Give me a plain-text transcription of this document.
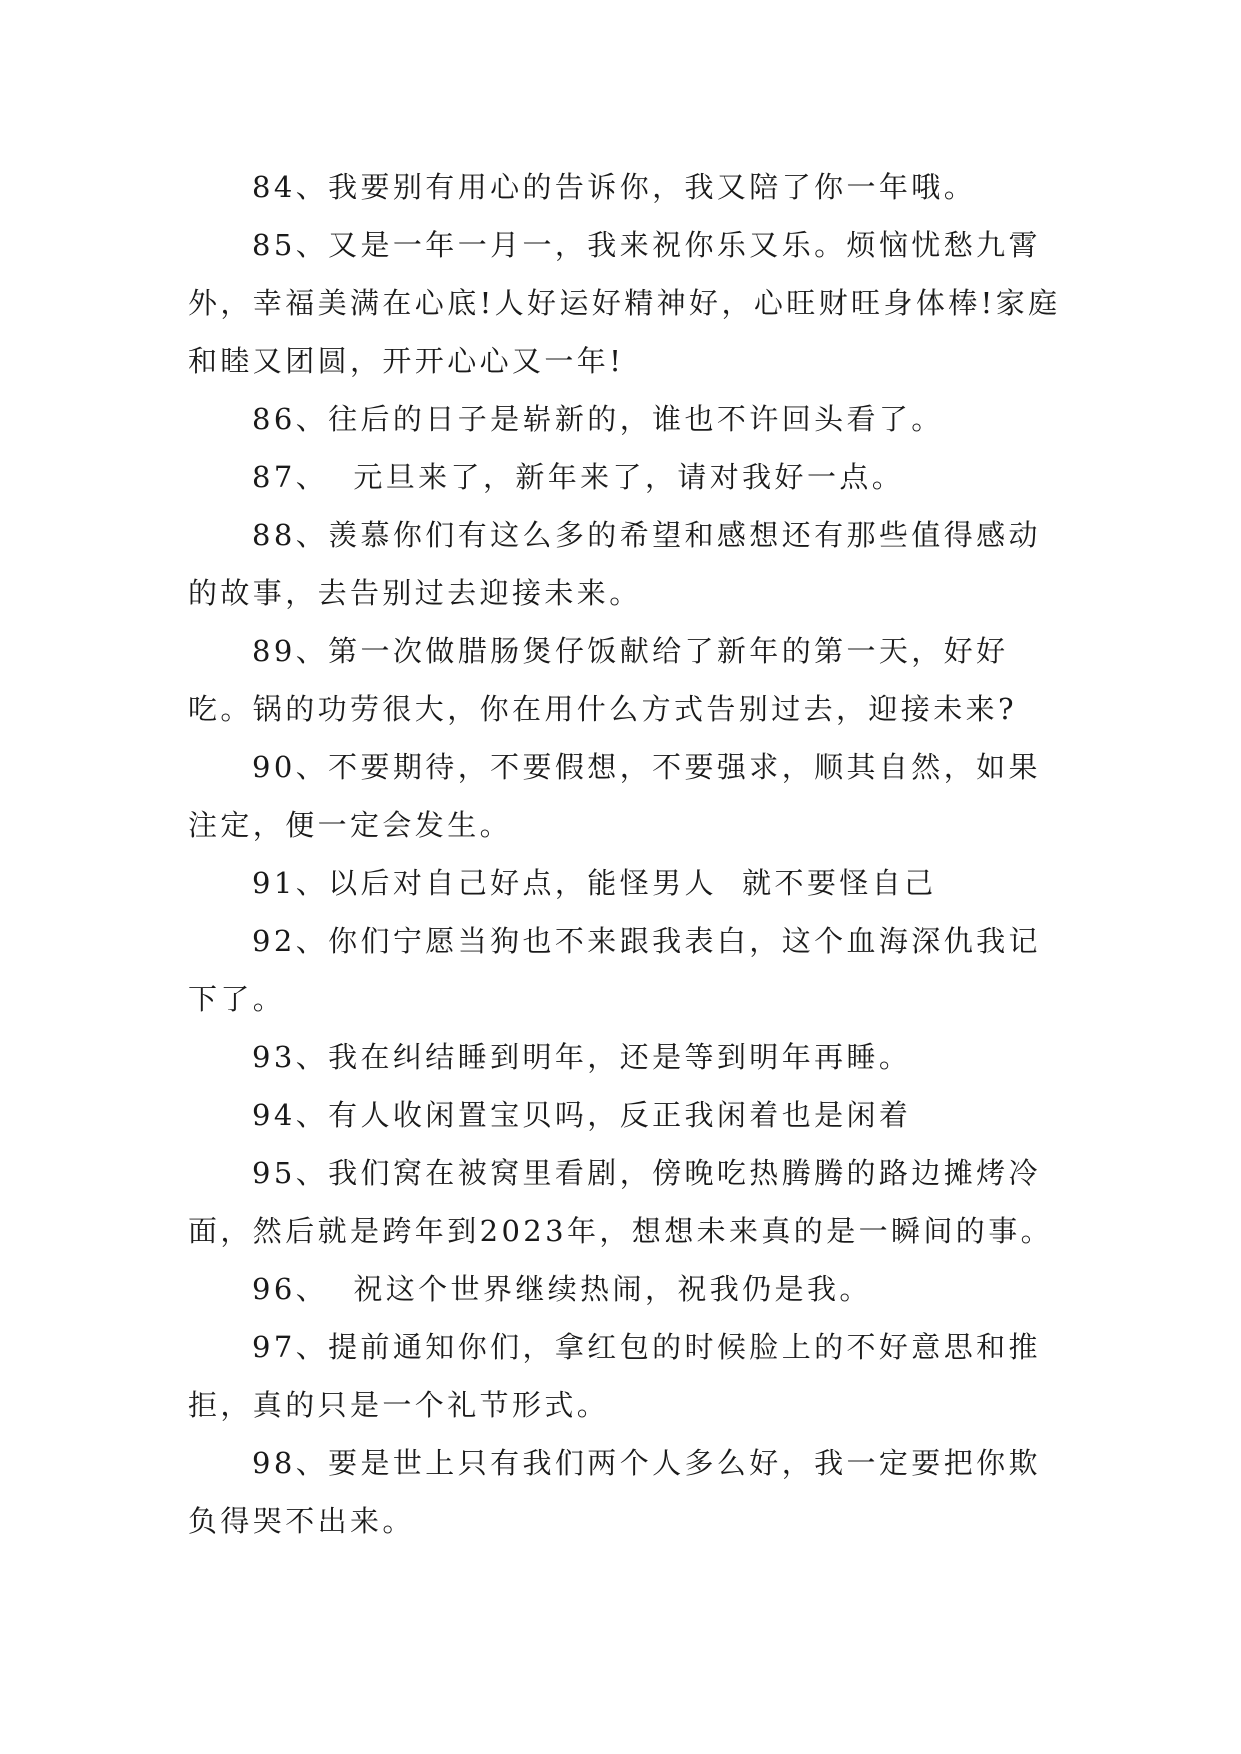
84、我要别有用心的告诉你，我又陪了你一年哦。

85、又是一年一月一，我来祝你乐又乐。烦恼忧愁九霄外，幸福美满在心底!人好运好精神好，心旺财旺身体棒!家庭和睦又团圆，开开心心又一年!

86、往后的日子是崭新的，谁也不许回头看了。

87、  元旦来了，新年来了，请对我好一点。

88、羡慕你们有这么多的希望和感想还有那些值得感动的故事，去告别过去迎接未来。

89、第一次做腊肠煲仔饭献给了新年的第一天，好好吃。锅的功劳很大，你在用什么方式告别过去，迎接未来?

90、不要期待，不要假想，不要强求，顺其自然，如果注定，便一定会发生。

91、以后对自己好点，能怪男人  就不要怪自己

92、你们宁愿当狗也不来跟我表白，这个血海深仇我记下了。

93、我在纠结睡到明年，还是等到明年再睡。

94、有人收闲置宝贝吗，反正我闲着也是闲着

95、我们窝在被窝里看剧，傍晚吃热腾腾的路边摊烤冷面，然后就是跨年到2023年，想想未来真的是一瞬间的事。

96、  祝这个世界继续热闹，祝我仍是我。

97、提前通知你们，拿红包的时候脸上的不好意思和推拒，真的只是一个礼节形式。

98、要是世上只有我们两个人多么好，我一定要把你欺负得哭不出来。
